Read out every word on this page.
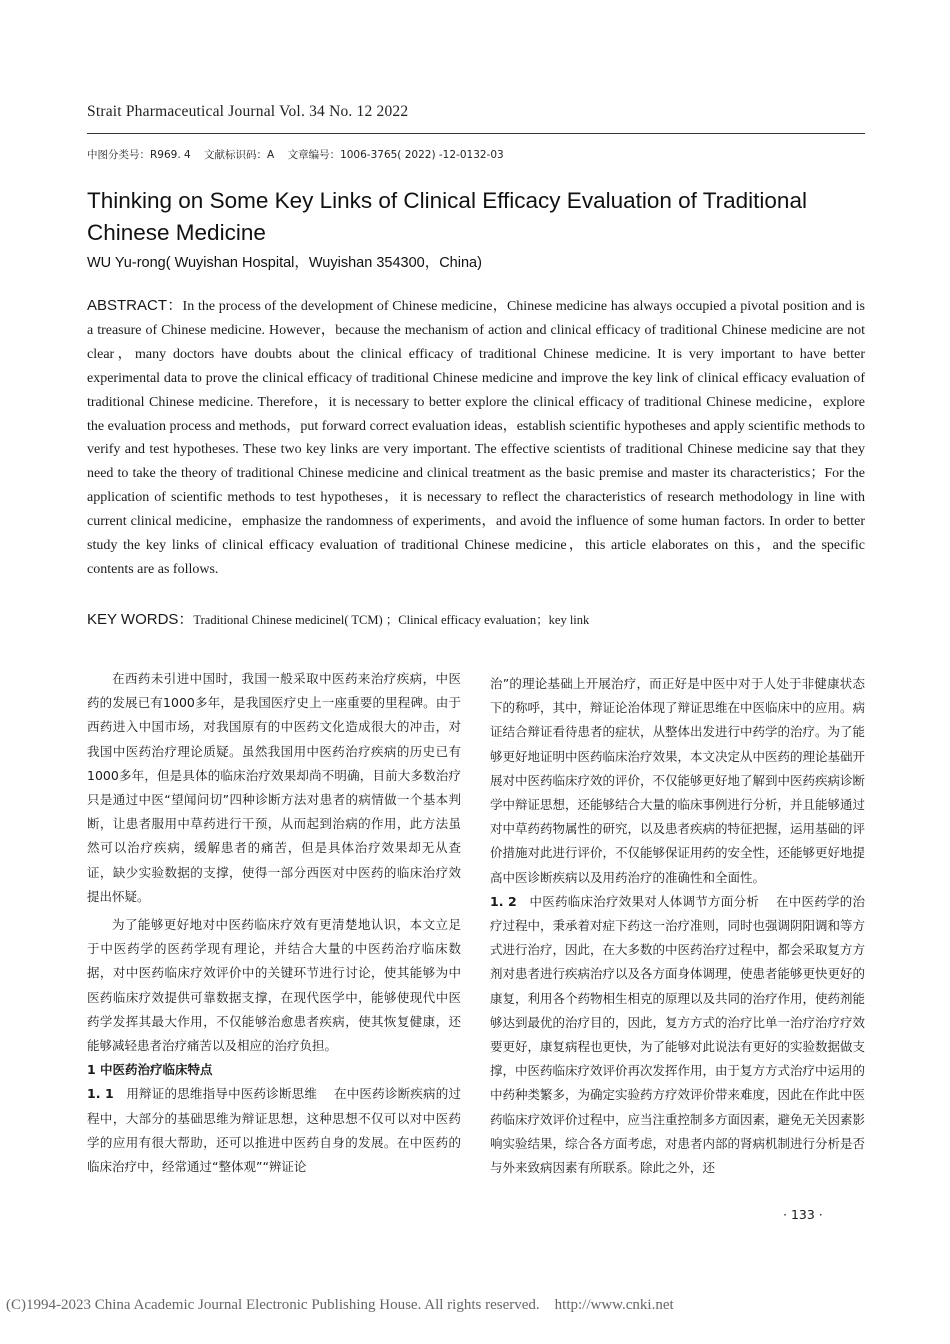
Strait Pharmaceutical Journal Vol. 34 No. 12 2022
中图分类号：R969. 4    文献标识码：A    文章编号：1006-3765( 2022) -12-0132-03
Thinking on Some Key Links of Clinical Efficacy Evaluation of Traditional Chinese Medicine
WU Yu-rong( Wuyishan Hospital，Wuyishan 354300，China)
ABSTRACT：In the process of the development of Chinese medicine，Chinese medicine has always occupied a pivotal position and is a treasure of Chinese medicine. However，because the mechanism of action and clinical efficacy of traditional Chinese medicine are not clear，many doctors have doubts about the clinical efficacy of traditional Chinese medicine. It is very important to have better experimental data to prove the clinical efficacy of traditional Chinese medicine and improve the key link of clinical efficacy evaluation of traditional Chinese medicine. Therefore，it is necessary to better explore the clinical efficacy of traditional Chinese medicine，explore the evaluation process and methods，put forward correct evaluation ideas，establish scientific hypotheses and apply scientific methods to verify and test hypotheses. These two key links are very important. The effective scientists of traditional Chinese medicine say that they need to take the theory of traditional Chinese medicine and clinical treatment as the basic premise and master its characteristics；For the application of scientific methods to test hypotheses，it is necessary to reflect the characteristics of research methodology in line with current clinical medicine，emphasize the randomness of experiments，and avoid the influence of some human factors. In order to better study the key links of clinical efficacy evaluation of traditional Chinese medicine，this article elaborates on this，and the specific contents are as follows.
KEY WORDS：Traditional Chinese medicinel( TCM) ；Clinical efficacy evaluation；key link

在西药未引进中国时，我国一般采取中医药来治疗疾病，中医药的发展已有1000多年，是我国医疗史上一座重要的里程碑。由于西药进入中国市场，对我国原有的中医药文化造成很大的冲击，对我国中医药治疗理论质疑。虽然我国用中医药治疗疾病的历史已有1000多年，但是具体的临床治疗效果却尚不明确，目前大多数治疗只是通过中医“望闻问切”四种诊断方法对患者的病情做一个基本判断，让患者服用中草药进行干预，从而起到治病的作用，此方法虽然可以治疗疾病，缓解患者的痛苦，但是具体治疗效果却无从查证，缺少实验数据的支撑，使得一部分西医对中医药的临床治疗效提出怀疑。

为了能够更好地对中医药临床疗效有更清楚地认识，本文立足于中医药学的医药学现有理论，并结合大量的中医药治疗临床数据，对中医药临床疗效评价中的关键环节进行讨论，使其能够为中医药临床疗效提供可靠数据支撑，在现代医学中，能够使现代中医药学发挥其最大作用，不仅能够治愈患者疾病，使其恢复健康，还能够减轻患者治疗痛苦以及相应的治疗负担。

1 中医药治疗临床特点

1. 1 用辩证的思维指导中医药诊断思维 在中医药诊断疾病的过程中，大部分的基础思维为辩证思想，这种思想不仅可以对中医药学的应用有很大帮助，还可以推进中医药自身的发展。在中医药的临床治疗中，经常通过“整体观”“辨证论

治”的理论基础上开展治疗，而正好是中医中对于人处于非健康状态下的称呼，其中，辩证论治体现了辩证思维在中医临床中的应用。病证结合辩证看待患者的症状，从整体出发进行中药学的治疗。为了能够更好地证明中医药临床治疗效果，本文决定从中医药的理论基础开展对中医药临床疗效的评价，不仅能够更好地了解到中医药疾病诊断学中辩证思想，还能够结合大量的临床事例进行分析，并且能够通过对中草药药物属性的研究，以及患者疾病的特征把握，运用基础的评价措施对此进行评价，不仅能够保证用药的安全性，还能够更好地提高中医诊断疾病以及用药治疗的准确性和全面性。

1. 2 中医药临床治疗效果对人体调节方面分析 在中医药学的治疗过程中，秉承着对症下药这一治疗准则，同时也强调阴阳调和等方式进行治疗，因此，在大多数的中医药治疗过程中，都会采取复方方剂对患者进行疾病治疗以及各方面身体调理，使患者能够更快更好的康复，利用各个药物相生相克的原理以及共同的治疗作用，使药剂能够达到最优的治疗目的，因此，复方方式的治疗比单一治疗治疗疗效要更好，康复病程也更快，为了能够对此说法有更好的实验数据做支撑，中医药临床疗效评价再次发挥作用，由于复方方式治疗中运用的中药种类繁多，为确定实验药方疗效评价带来难度，因此在作此中医药临床疗效评价过程中，应当注重控制多方面因素，避免无关因素影响实验结果，综合各方面考虑，对患者内部的肾病机制进行分析是否与外来致病因素有所联系。除此之外，还

· 133 ·
(C)1994-2023 China Academic Journal Electronic Publishing House. All rights reserved.    http://www.cnki.net
